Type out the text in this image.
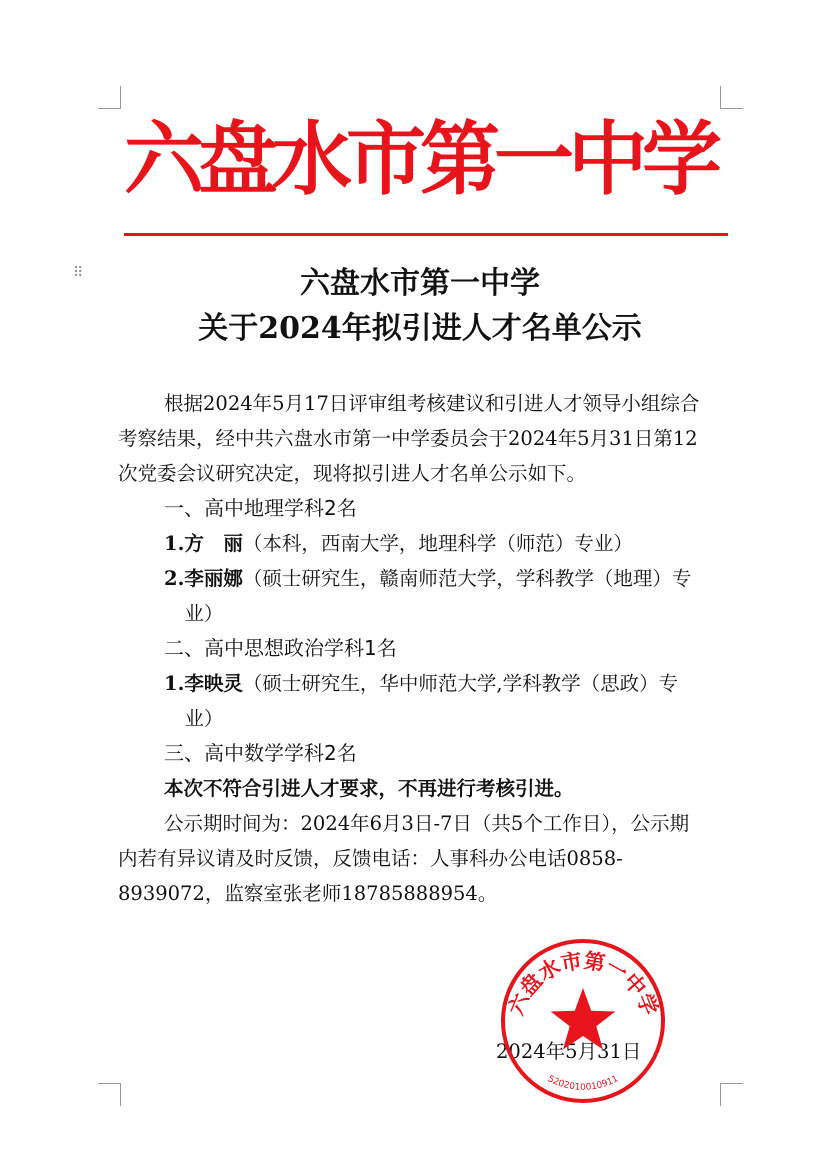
⠿
六盘水市第一中学
六盘水市第一中学
关于2024年拟引进人才名单公示

根据2024年5月17日评审组考核建议和引进人才领导小组综合考察结果，经中共六盘水市第一中学委员会于2024年5月31日第12次党委会议研究决定，现将拟引进人才名单公示如下。

一、高中地理学科2名

1. 方　丽（本科，西南大学，地理科学（师范）专业）
2. 李丽娜（硕士研究生，赣南师范大学，学科教学（地理）专业）

二、高中思想政治学科1名

1. 李映灵（硕士研究生，华中师范大学,学科教学（思政）专业）

三、高中数学学科2名

本次不符合引进人才要求，不再进行考核引进。

公示期时间为：2024年6月3日-7日（共5个工作日），公示期内若有异议请及时反馈，反馈电话：人事科办公电话0858-8939072，监察室张老师18785888954。

2024年5月31日
六盘水市第一中学
5202010010911
